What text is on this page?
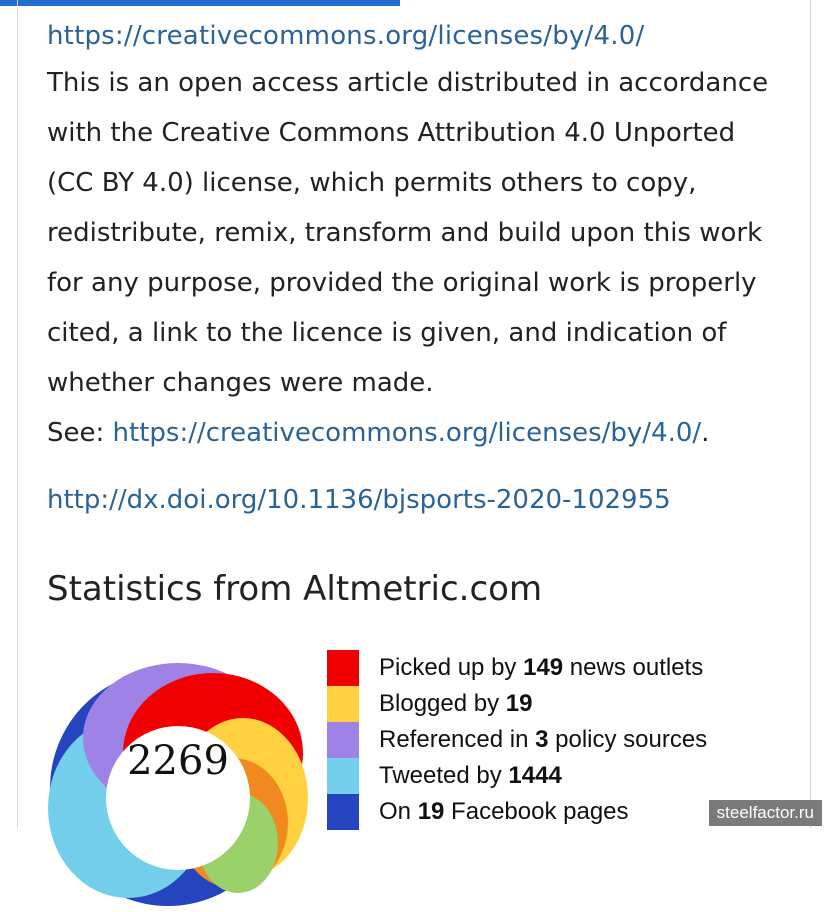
https://creativecommons.org/licenses/by/4.0/
This is an open access article distributed in accordance
with the Creative Commons Attribution 4.0 Unported
(CC BY 4.0) license, which permits others to copy,
redistribute, remix, transform and build upon this work
for any purpose, provided the original work is properly
cited, a link to the licence is given, and indication of
whether changes were made.
See: https://creativecommons.org/licenses/by/4.0/.
http://dx.doi.org/10.1136/bjsports-2020-102955
Statistics from Altmetric.com
2269
Picked up by 149 news outlets
Blogged by 19
Referenced in 3 policy sources
Tweeted by 1444
On 19 Facebook pages	steelfactor.ru
